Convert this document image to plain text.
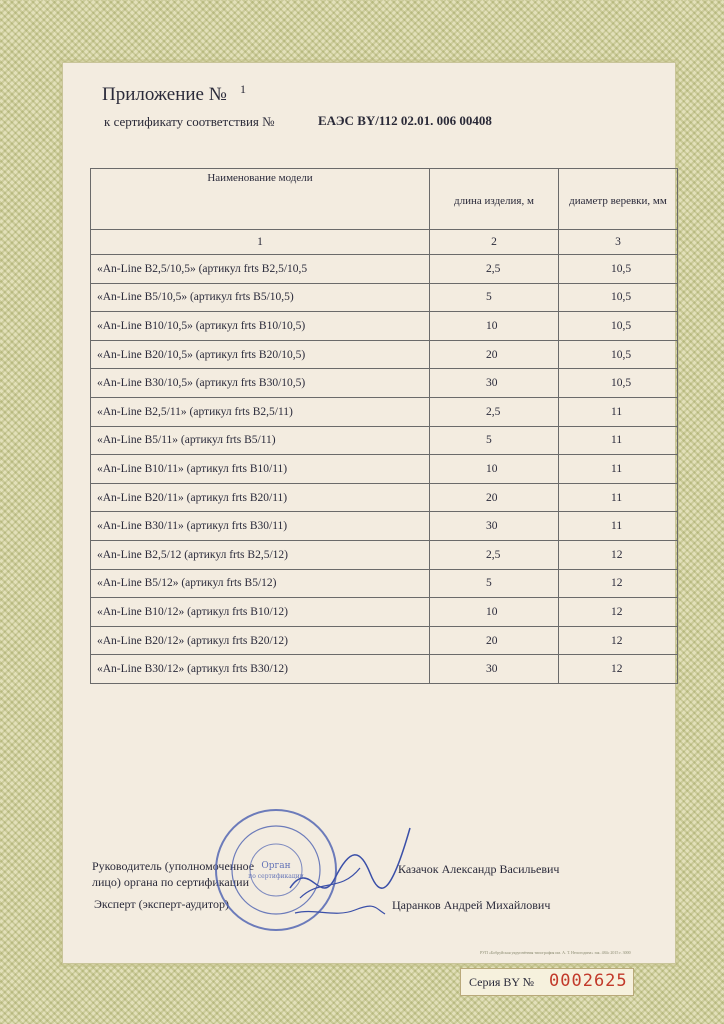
Приложение № 1
к сертификату соответствия №	ЕАЭС BY/112 02.01. 006 00408
Наименование модели	длина изделия, м	диаметр веревки, мм
1	2	3
«An-Line B2,5/10,5» (артикул frts B2,5/10,5	2,5	10,5
«An-Line B5/10,5» (артикул frts B5/10,5)	5	10,5
«An-Line B10/10,5» (артикул frts B10/10,5)	10	10,5
«An-Line B20/10,5» (артикул frts B20/10,5)	20	10,5
«An-Line B30/10,5» (артикул frts B30/10,5)	30	10,5
«An-Line B2,5/11» (артикул frts B2,5/11)	2,5	11
«An-Line B5/11» (артикул frts B5/11)	5	11
«An-Line B10/11» (артикул frts B10/11)	10	11
«An-Line B20/11» (артикул frts B20/11)	20	11
«An-Line B30/11» (артикул frts B30/11)	30	11
«An-Line B2,5/12 (артикул frts B2,5/12)	2,5	12
«An-Line B5/12» (артикул frts B5/12)	5	12
«An-Line B10/12» (артикул frts B10/12)	10	12
«An-Line B20/12» (артикул frts B20/12)	20	12
«An-Line B30/12» (артикул frts B30/12)	30	12
Руководитель (уполномоченное
лицо) органа по сертификации
Казачок Александр Васильевич
Эксперт (эксперт-аудитор)	Царанков Андрей Михайлович
Орган
по сертификации
РУП «Бобруйская укрупнённая типография им. А. Т. Непогодина» зак. 484с 2015 г. 3000
Серия BY № 0002625
